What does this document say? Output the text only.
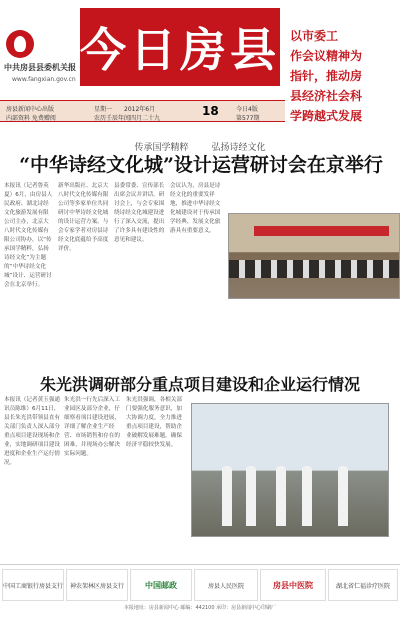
中共房县县委机关报
www.fangxian.gov.cn
今日房县 以市委工
作会议精神为
指针，推动房
县经济社会科
学跨越式发展
房县新闻中心出版
内部资料 免费赠阅
星期一 2012年6月
农历壬辰年闰四月二十九
今日4版
第577期
18
传承国学精粹	弘扬诗经文化
“中华诗经文化城”设计运营研讨会在京举行
本报讯（记者鲁英夏）6月，由房县人民政府、湖北诗经文化旅游发展有限公司主办，北京大八时代文化传媒有限公司协办，以“传承国学精粹，弘扬诗经文化”为主题的“中华诗经文化城”设计、运营研讨会在北京举行。
新华出版社、北京大八时代文化传媒有限公司等多家单位共同研讨中华诗经文化城的设计运营方案，与会专家学者对房县诗经文化底蕴给予高度评价。
县委常委、宣传部长出席会议并讲话。研讨会上，与会专家围绕诗经文化城建设进行了深入交流，提出了许多具有建设性的意见和建议。
会议认为，房县是诗经文化的重要发祥地，推进中华诗经文化城建设对于传承国学经典、发展文化旅游具有重要意义。
朱光洪调研部分重点项目建设和企业运行情况
本报讯（记者黄玉强通讯员陈维）6月11日，县长朱光洪带领县直有关部门负责人深入部分重点项目建设现场和企业，实地调研项目建设进度和企业生产运行情况。
朱光洪一行先后深入工业园区及部分企业，仔细察看项目建设进展，详细了解企业生产经营、市场销售和存在的困难，并现场办公解决实际问题。
朱光洪强调，各相关部门要强化服务意识，加大协调力度，全力推进重点项目建设，帮助企业破解发展难题，确保经济平稳较快发展。
中国工商银行房县支行	神农架林区房县支行	中国邮政	房县人民医院	房县中医院	湖北省仁福诊疗医院
本报地址：房县新闻中心 邮编：442100 承印：房县新闻中心印刷厂
